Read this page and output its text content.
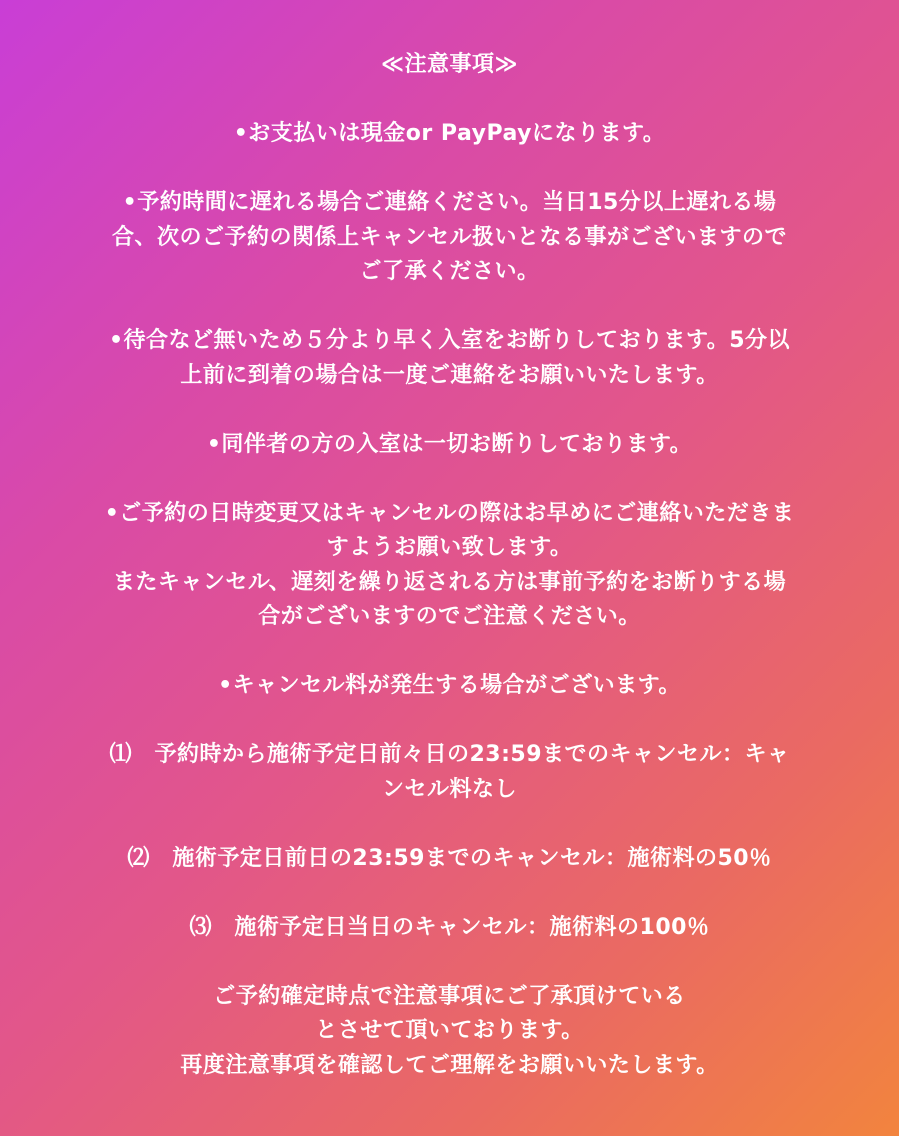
≪注意事項≫
•お支払いは現金or PayPayになります。
•予約時間に遅れる場合ご連絡ください。当日15分以上遅れる場
合、次のご予約の関係上キャンセル扱いとなる事がございますので
ご了承ください。
•待合など無いため５分より早く入室をお断りしております。5分以
上前に到着の場合は一度ご連絡をお願いいたします。
•同伴者の方の入室は一切お断りしております。
•ご予約の日時変更又はキャンセルの際はお早めにご連絡いただきま
すようお願い致します。
またキャンセル、遅刻を繰り返される方は事前予約をお断りする場
合がございますのでご注意ください。
•キャンセル料が発生する場合がございます。
⑴　予約時から施術予定日前々日の23:59までのキャンセル：キャ
ンセル料なし
⑵　施術予定日前日の23:59までのキャンセル：施術料の50％
⑶　施術予定日当日のキャンセル：施術料の100％
ご予約確定時点で注意事項にご了承頂けている
とさせて頂いております。
再度注意事項を確認してご理解をお願いいたします。
